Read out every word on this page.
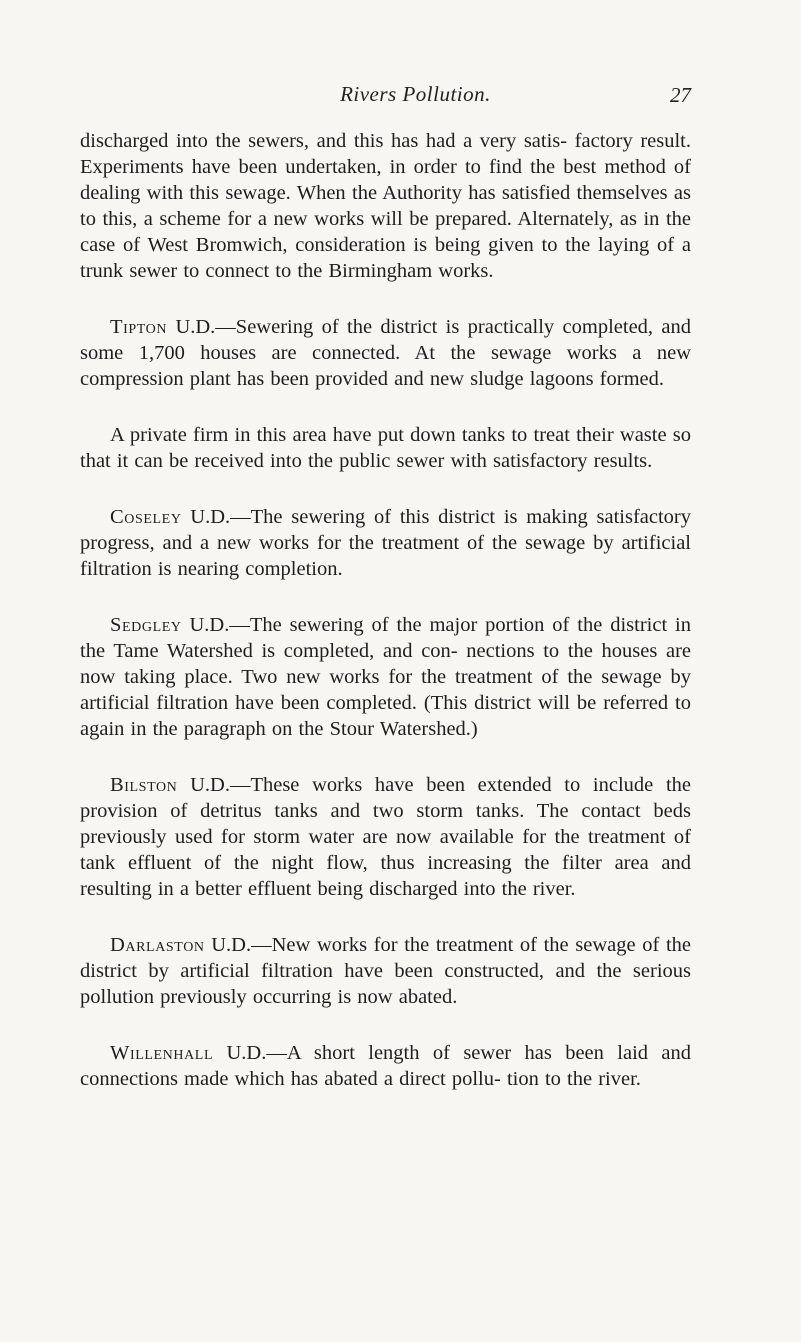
Rivers Pollution.	27

discharged into the sewers, and this has had a very satis- factory result. Experiments have been undertaken, in order to find the best method of dealing with this sewage. When the Authority has satisfied themselves as to this, a scheme for a new works will be prepared. Alternately, as in the case of West Bromwich, consideration is being given to the laying of a trunk sewer to connect to the Birmingham works.

Tipton U.D.—Sewering of the district is practically completed, and some 1,700 houses are connected. At the sewage works a new compression plant has been provided and new sludge lagoons formed.

A private firm in this area have put down tanks to treat their waste so that it can be received into the public sewer with satisfactory results.

Coseley U.D.—The sewering of this district is making satisfactory progress, and a new works for the treatment of the sewage by artificial filtration is nearing completion.

Sedgley U.D.—The sewering of the major portion of the district in the Tame Watershed is completed, and con- nections to the houses are now taking place. Two new works for the treatment of the sewage by artificial filtration have been completed. (This district will be referred to again in the paragraph on the Stour Watershed.)

Bilston U.D.—These works have been extended to include the provision of detritus tanks and two storm tanks. The contact beds previously used for storm water are now available for the treatment of tank effluent of the night flow, thus increasing the filter area and resulting in a better effluent being discharged into the river.

Darlaston U.D.—New works for the treatment of the sewage of the district by artificial filtration have been constructed, and the serious pollution previously occurring is now abated.

Willenhall U.D.—A short length of sewer has been laid and connections made which has abated a direct pollu- tion to the river.
